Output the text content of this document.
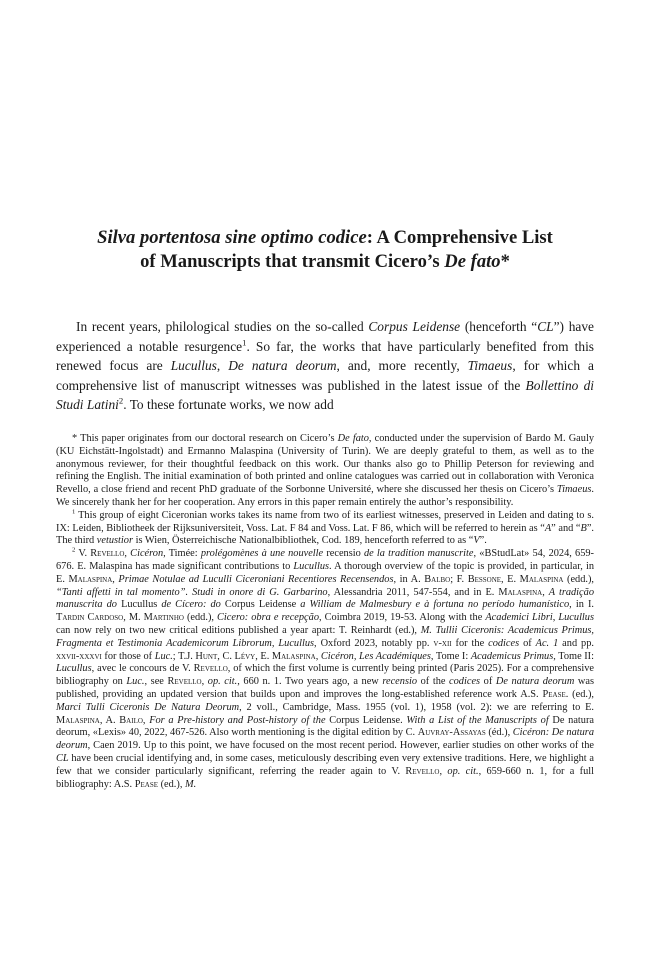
Silva portentosa sine optimo codice: A Comprehensive List
of Manuscripts that transmit Cicero’s De fato*

In recent years, philological studies on the so-called Corpus Leidense (henceforth “CL”) have experienced a notable resurgence$^1$. So far, the works that have particularly benefited from this renewed focus are Lucullus, De natura deorum, and, more recently, Timaeus, for which a comprehensive list of manuscript witnesses was published in the latest issue of the Bollettino di Studi Latini$^2$. To these fortunate works, we now add

* This paper originates from our doctoral research on Cicero’s De fato, conducted under the supervision of Bardo M. Gauly (KU Eichstätt-Ingolstadt) and Ermanno Malaspina (University of Turin). We are deeply grateful to them, as well as to the anonymous reviewer, for their thoughtful feedback on this work. Our thanks also go to Phillip Peterson for reviewing and refining the English. The initial examination of both printed and online catalogues was carried out in collaboration with Veronica Revello, a close friend and recent PhD graduate of the Sorbonne Université, where she discussed her thesis on Cicero’s Timaeus. We sincerely thank her for her cooperation. Any errors in this paper remain entirely the author’s responsibility.

$^1$ This group of eight Ciceronian works takes its name from two of its earliest witnesses, preserved in Leiden and dating to s. IX: Leiden, Bibliotheek der Rijksuniversiteit, Voss. Lat. F 84 and Voss. Lat. F 86, which will be referred to herein as “A” and “B”. The third vetustior is Wien, Österreichische Nationalbibliothek, Cod. 189, henceforth referred to as “V”.

$^2$ V. Revello, Cicéron, Timée: prolégomènes à une nouvelle recensio de la tradition manuscrite, «BStudLat» 54, 2024, 659-676. E. Malaspina has made significant contributions to Lucullus. A thorough overview of the topic is provided, in particular, in E. Malaspina, Primae Notulae ad Luculli Ciceroniani Recentiores Recensendos, in A. Balbo; F. Bessone, E. Malaspina (edd.), “Tanti affetti in tal momento”. Studi in onore di G. Garbarino, Alessandria 2011, 547-554, and in E. Malaspina, A tradição manuscrita do Lucullus de Cícero: do Corpus Leidense a William de Malmesbury e à fortuna no período humanístico, in I. Tardin Cardoso, M. Martinho (edd.), Cicero: obra e recepção, Coimbra 2019, 19-53. Along with the Academici Libri, Lucullus can now rely on two new critical editions published a year apart: T. Reinhardt (ed.), M. Tullii Ciceronis: Academicus Primus, Fragmenta et Testimonia Academicorum Librorum, Lucullus, Oxford 2023, notably pp. v-xii for the codices of Ac. 1 and pp. xxvii-xxxvi for those of Luc.; T.J. Hunt, C. Lévy, E. Malaspina, Cicéron, Les Académiques, Tome I: Academicus Primus, Tome II: Lucullus, avec le concours de V. Revello, of which the first volume is currently being printed (Paris 2025). For a comprehensive bibliography on Luc., see Revello, op. cit., 660 n. 1. Two years ago, a new recensio of the codices of De natura deorum was published, providing an updated version that builds upon and improves the long-established reference work A.S. Pease. (ed.), Marci Tulli Ciceronis De Natura Deorum, 2 voll., Cambridge, Mass. 1955 (vol. 1), 1958 (vol. 2): we are referring to E. Malaspina, A. Bailo, For a Pre-history and Post-history of the Corpus Leidense. With a List of the Manuscripts of De natura deorum, «Lexis» 40, 2022, 467-526. Also worth mentioning is the digital edition by C. Auvray-Assayas (éd.), Cicéron: De natura deorum, Caen 2019. Up to this point, we have focused on the most recent period. However, earlier studies on other works of the CL have been crucial identifying and, in some cases, meticulously describing even very extensive traditions. Here, we highlight a few that we consider particularly significant, referring the reader again to V. Revello, op. cit., 659-660 n. 1, for a full bibliography: A.S. Pease (ed.), M.
